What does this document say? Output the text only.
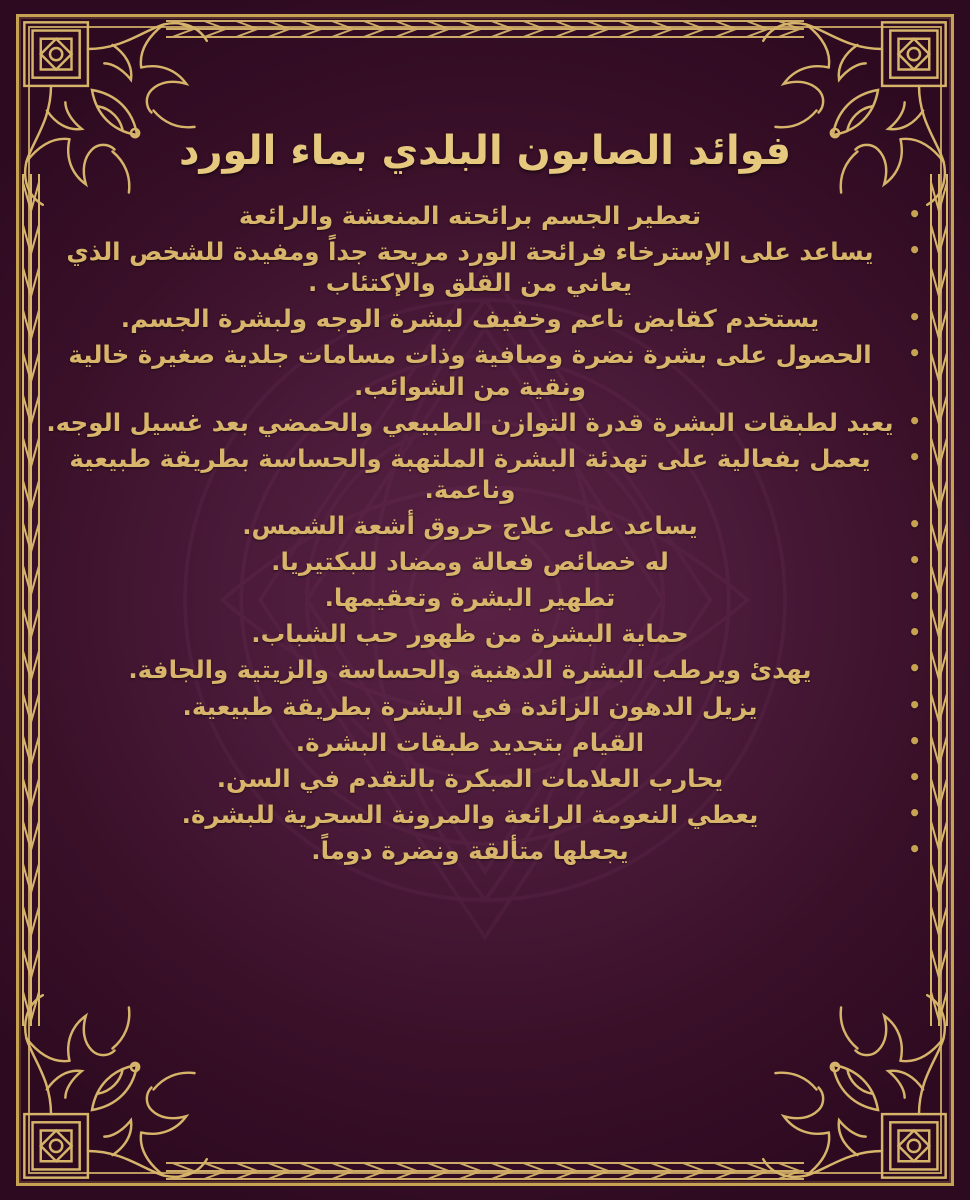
فوائد الصابون البلدي بماء الورد
• تعطير الجسم برائحته المنعشة والرائعة
• يساعد على الإسترخاء فرائحة الورد مريحة جداً ومفيدة للشخص الذي يعاني من القلق والإكتئاب .
• يستخدم كقابض ناعم وخفيف لبشرة الوجه ولبشرة الجسم.
• الحصول على بشرة نضرة وصافية وذات مسامات جلدية صغيرة خالية ونقية من الشوائب.
• يعيد لطبقات البشرة قدرة التوازن الطبيعي والحمضي بعد غسيل الوجه.
• يعمل بفعالية على تهدئة البشرة الملتهبة والحساسة بطريقة طبيعية وناعمة.
• يساعد على علاج حروق أشعة الشمس.
• له خصائص فعالة ومضاد للبكتيريا.
• تطهير البشرة وتعقيمها.
• حماية البشرة من ظهور حب الشباب.
• يهدئ ويرطب البشرة الدهنية والحساسة والزيتية والجافة.
• يزيل الدهون الزائدة في البشرة بطريقة طبيعية.
• القيام بتجديد طبقات البشرة.
• يحارب العلامات المبكرة بالتقدم في السن.
• يعطي النعومة الرائعة والمرونة السحرية للبشرة.
• يجعلها متألقة ونضرة دوماً.
